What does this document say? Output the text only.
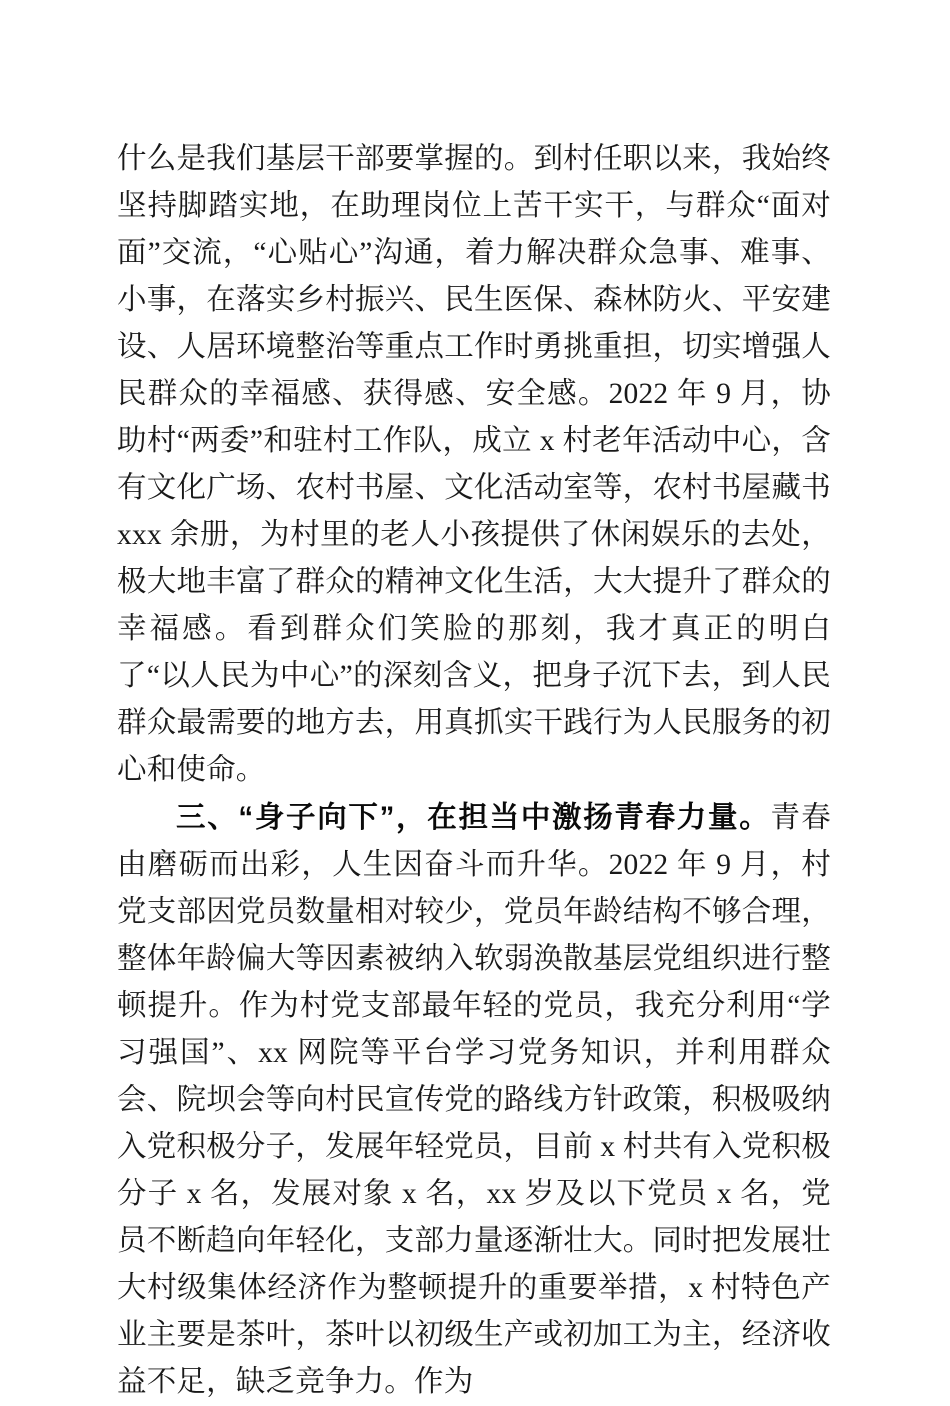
什么是我们基层干部要掌握的。到村任职以来，我始终坚持脚踏实地，在助理岗位上苦干实干，与群众“面对面”交流，“心贴心”沟通，着力解决群众急事、难事、小事，在落实乡村振兴、民生医保、森林防火、平安建设、人居环境整治等重点工作时勇挑重担，切实增强人民群众的幸福感、获得感、安全感。2022 年 9 月，协助村“两委”和驻村工作队，成立 x 村老年活动中心，含有文化广场、农村书屋、文化活动室等，农村书屋藏书 xxx 余册，为村里的老人小孩提供了休闲娱乐的去处，极大地丰富了群众的精神文化生活，大大提升了群众的幸福感。看到群众们笑脸的那刻，我才真正的明白了“以人民为中心”的深刻含义，把身子沉下去，到人民群众最需要的地方去，用真抓实干践行为人民服务的初心和使命。

三、“身子向下”，在担当中激扬青春力量。青春由磨砺而出彩，人生因奋斗而升华。2022 年 9 月，村党支部因党员数量相对较少，党员年龄结构不够合理，整体年龄偏大等因素被纳入软弱涣散基层党组织进行整顿提升。作为村党支部最年轻的党员，我充分利用“学习强国”、xx 网院等平台学习党务知识，并利用群众会、院坝会等向村民宣传党的路线方针政策，积极吸纳入党积极分子，发展年轻党员，目前 x 村共有入党积极分子 x 名，发展对象 x 名，xx 岁及以下党员 x 名，党员不断趋向年轻化，支部力量逐渐壮大。同时把发展壮大村级集体经济作为整顿提升的重要举措，x 村特色产业主要是茶叶，茶叶以初级生产或初加工为主，经济收益不足，缺乏竞争力。作为
